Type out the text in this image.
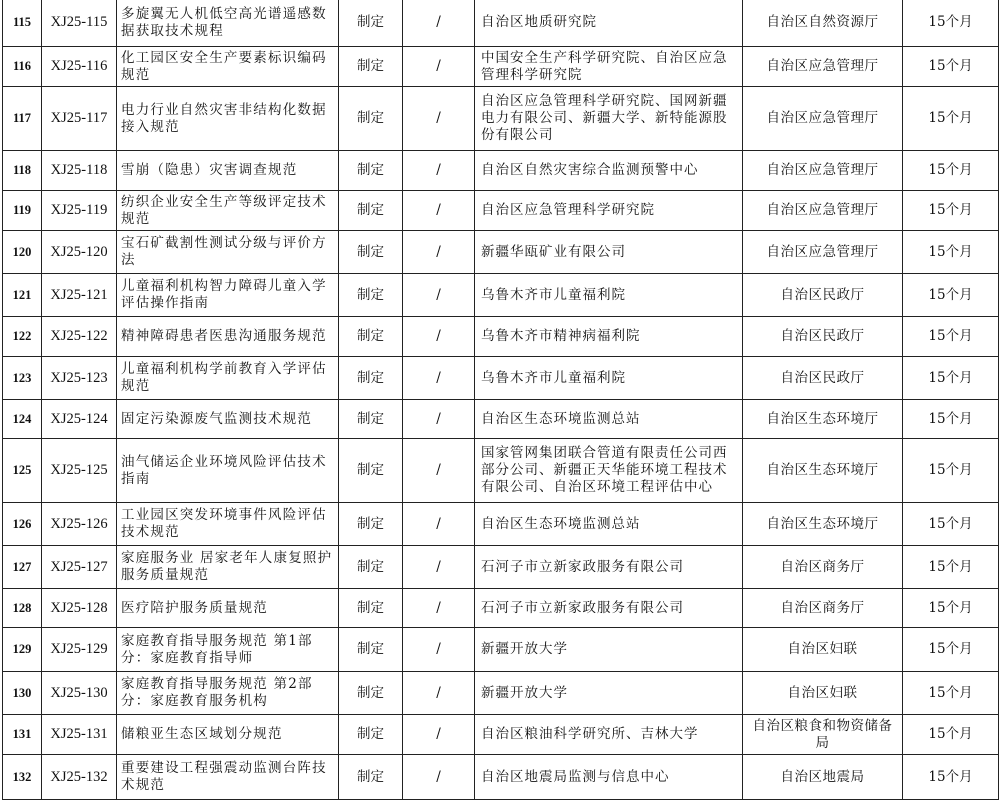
115	XJ25-115	多旋翼无人机低空高光谱遥感数据获取技术规程	制定	/	自治区地质研究院	自治区自然资源厅	15个月
116	XJ25-116	化工园区安全生产要素标识编码规范	制定	/	中国安全生产科学研究院、自治区应急管理科学研究院	自治区应急管理厅	15个月
117	XJ25-117	电力行业自然灾害非结构化数据接入规范	制定	/	自治区应急管理科学研究院、国网新疆电力有限公司、新疆大学、新特能源股份有限公司	自治区应急管理厅	15个月
118	XJ25-118	雪崩（隐患）灾害调查规范	制定	/	自治区自然灾害综合监测预警中心	自治区应急管理厅	15个月
119	XJ25-119	纺织企业安全生产等级评定技术规范	制定	/	自治区应急管理科学研究院	自治区应急管理厅	15个月
120	XJ25-120	宝石矿截割性测试分级与评价方法	制定	/	新疆华瓯矿业有限公司	自治区应急管理厅	15个月
121	XJ25-121	儿童福利机构智力障碍儿童入学评估操作指南	制定	/	乌鲁木齐市儿童福利院	自治区民政厅	15个月
122	XJ25-122	精神障碍患者医患沟通服务规范	制定	/	乌鲁木齐市精神病福利院	自治区民政厅	15个月
123	XJ25-123	儿童福利机构学前教育入学评估规范	制定	/	乌鲁木齐市儿童福利院	自治区民政厅	15个月
124	XJ25-124	固定污染源废气监测技术规范	制定	/	自治区生态环境监测总站	自治区生态环境厅	15个月
125	XJ25-125	油气储运企业环境风险评估技术指南	制定	/	国家管网集团联合管道有限责任公司西部分公司、新疆正天华能环境工程技术有限公司、自治区环境工程评估中心	自治区生态环境厅	15个月
126	XJ25-126	工业园区突发环境事件风险评估技术规范	制定	/	自治区生态环境监测总站	自治区生态环境厅	15个月
127	XJ25-127	家庭服务业 居家老年人康复照护服务质量规范	制定	/	石河子市立新家政服务有限公司	自治区商务厅	15个月
128	XJ25-128	医疗陪护服务质量规范	制定	/	石河子市立新家政服务有限公司	自治区商务厅	15个月
129	XJ25-129	家庭教育指导服务规范 第1部分：家庭教育指导师	制定	/	新疆开放大学	自治区妇联	15个月
130	XJ25-130	家庭教育指导服务规范 第2部分：家庭教育服务机构	制定	/	新疆开放大学	自治区妇联	15个月
131	XJ25-131	储粮亚生态区域划分规范	制定	/	自治区粮油科学研究所、吉林大学	自治区粮食和物资储备局	15个月
132	XJ25-132	重要建设工程强震动监测台阵技术规范	制定	/	自治区地震局监测与信息中心	自治区地震局	15个月
